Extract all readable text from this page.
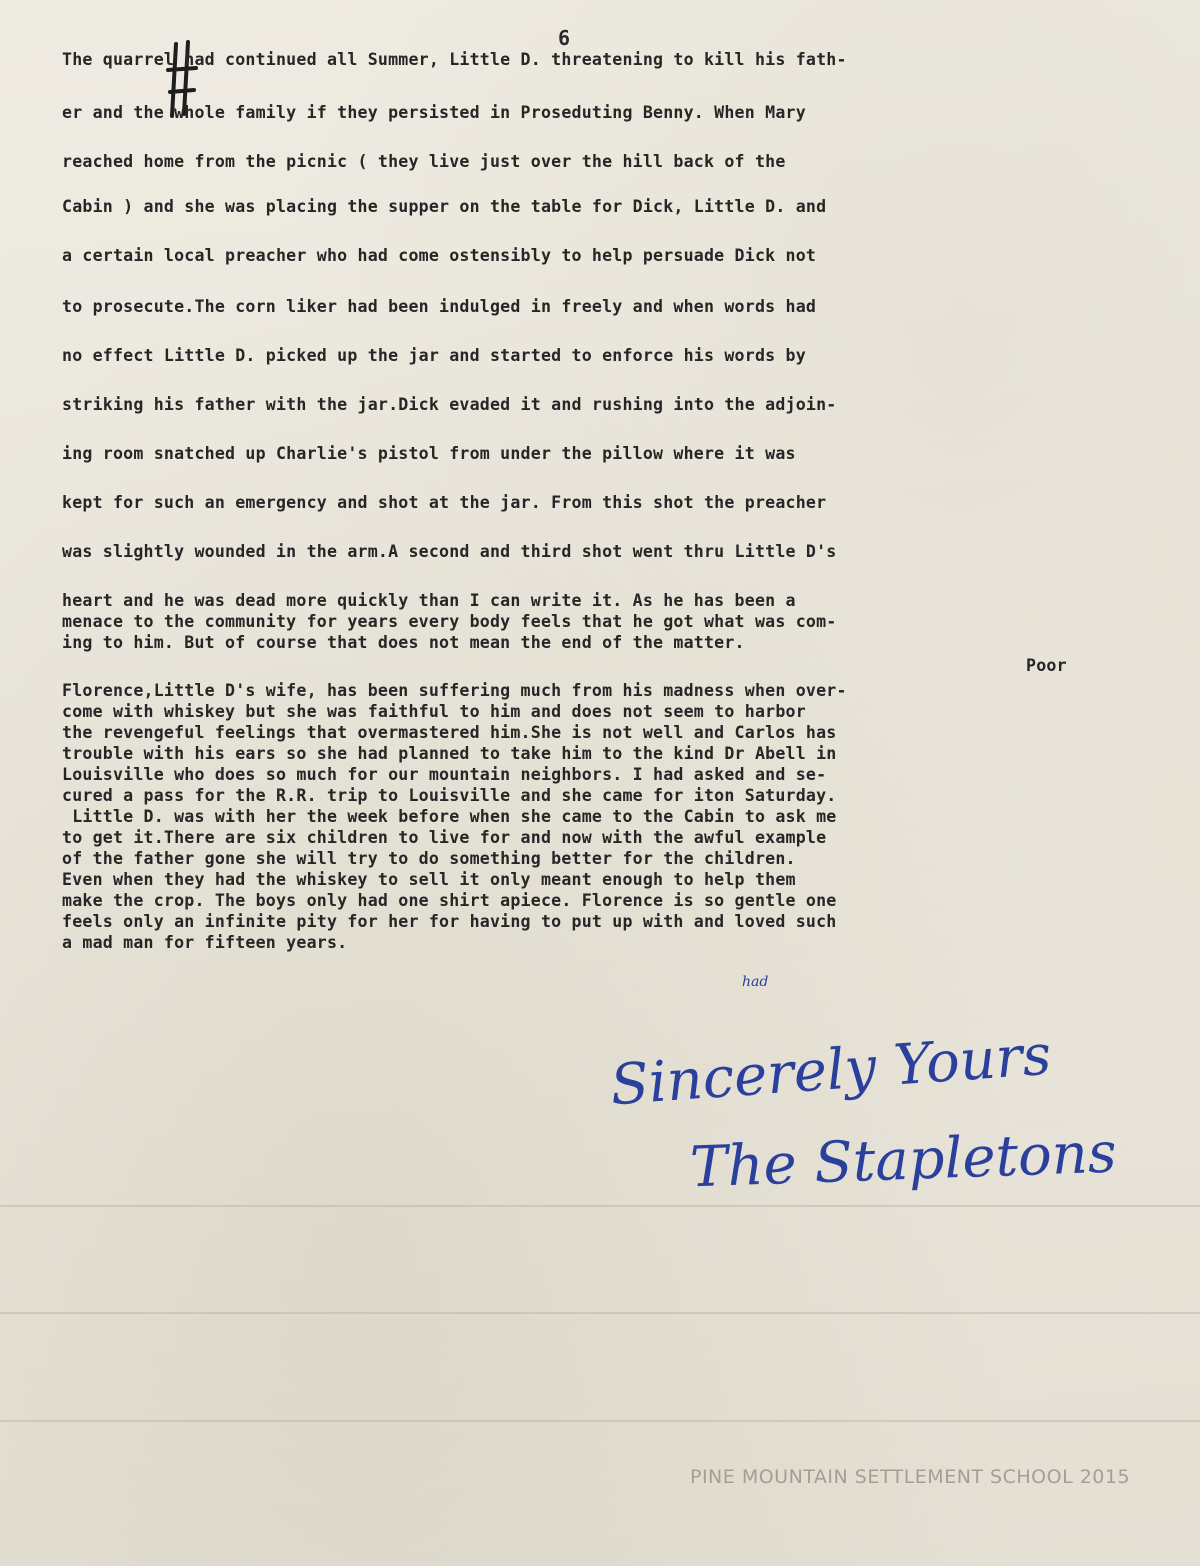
6

The quarrel had continued all Summer, Little D. threatening to kill his fath-

er and the whole family if they persisted in Proseduting Benny. When Mary

reached home from the picnic ( they live just over the hill back of the

Cabin ) and she was placing the supper on the table for Dick, Little D. and

a certain local preacher who had come ostensibly to help persuade Dick not

to prosecute.The corn liker had been indulged in freely and when words had

no effect Little D. picked up the jar and started to enforce his words by

striking his father with the jar.Dick evaded it and rushing into the adjoin-

ing room snatched up Charlie's pistol from under the pillow where it was

kept for such an emergency and shot at the jar. From this shot the preacher

was slightly wounded in the arm.A second and third shot went thru Little D's

heart and he was dead more quickly than I can write it. As he has been a

menace to the community for years every body feels that he got what was com-

ing to him. But of course that does not mean the end of the matter.

Poor

Florence,Little D's wife, has been suffering much from his madness when over-

come with whiskey but she was faithful to him and does not seem to harbor

the revengeful feelings that overmastered him.She is not well and Carlos has

trouble with his ears so she had planned to take him to the kind Dr Abell in

Louisville who does so much for our mountain neighbors. I had asked and se-

cured a pass for the R.R. trip to Louisville and she came for iton Saturday.

Little D. was with her the week before when she came to the Cabin to ask me

to get it.There are six children to live for and now with the awful example

of the father gone she will try to do something better for the children.

Even when they had the whiskey to sell it only meant enough to help them

make the crop. The boys only had one shirt apiece. Florence is so gentle one

feels only an infinite pity for her for having to put up with and loved such

a mad man for fifteen years.

had
Sincerely Yours
The Stapletons
PINE MOUNTAIN SETTLEMENT SCHOOL 2015
